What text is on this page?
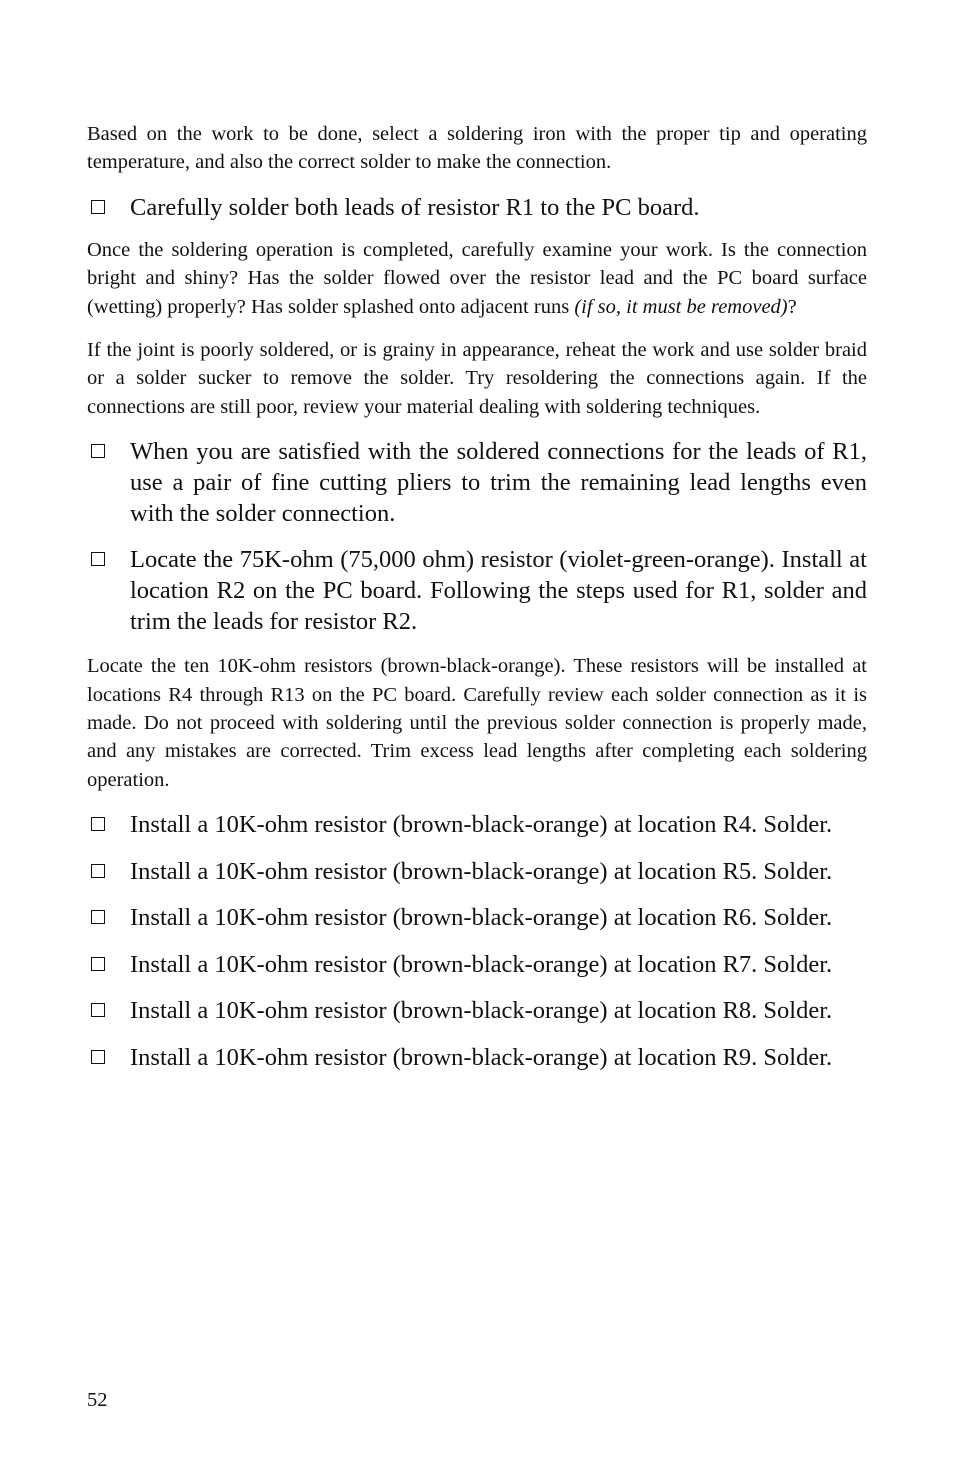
Based on the work to be done, select a soldering iron with the proper tip and operating temperature, and also the correct solder to make the connection.

Carefully solder both leads of resistor R1 to the PC board.

Once the soldering operation is completed, carefully examine your work. Is the connection bright and shiny? Has the solder flowed over the resistor lead and the PC board surface (wetting) properly? Has solder splashed onto adjacent runs (if so, it must be removed)?

If the joint is poorly soldered, or is grainy in appearance, reheat the work and use solder braid or a solder sucker to remove the solder. Try resoldering the connections again. If the connections are still poor, review your material dealing with soldering techniques.

When you are satisfied with the soldered connections for the leads of R1, use a pair of fine cutting pliers to trim the remaining lead lengths even with the solder connection.
Locate the 75K-ohm (75,000 ohm) resistor (violet-green-orange). Install at location R2 on the PC board. Following the steps used for R1, solder and trim the leads for resistor R2.

Locate the ten 10K-ohm resistors (brown-black-orange). These resistors will be installed at locations R4 through R13 on the PC board. Carefully review each solder connection as it is made. Do not proceed with soldering until the previous solder connection is properly made, and any mistakes are corrected. Trim excess lead lengths after completing each soldering operation.

Install a 10K-ohm resistor (brown-black-orange) at location R4. Solder.
Install a 10K-ohm resistor (brown-black-orange) at location R5. Solder.
Install a 10K-ohm resistor (brown-black-orange) at location R6. Solder.
Install a 10K-ohm resistor (brown-black-orange) at location R7. Solder.
Install a 10K-ohm resistor (brown-black-orange) at location R8. Solder.
Install a 10K-ohm resistor (brown-black-orange) at location R9. Solder.
52
